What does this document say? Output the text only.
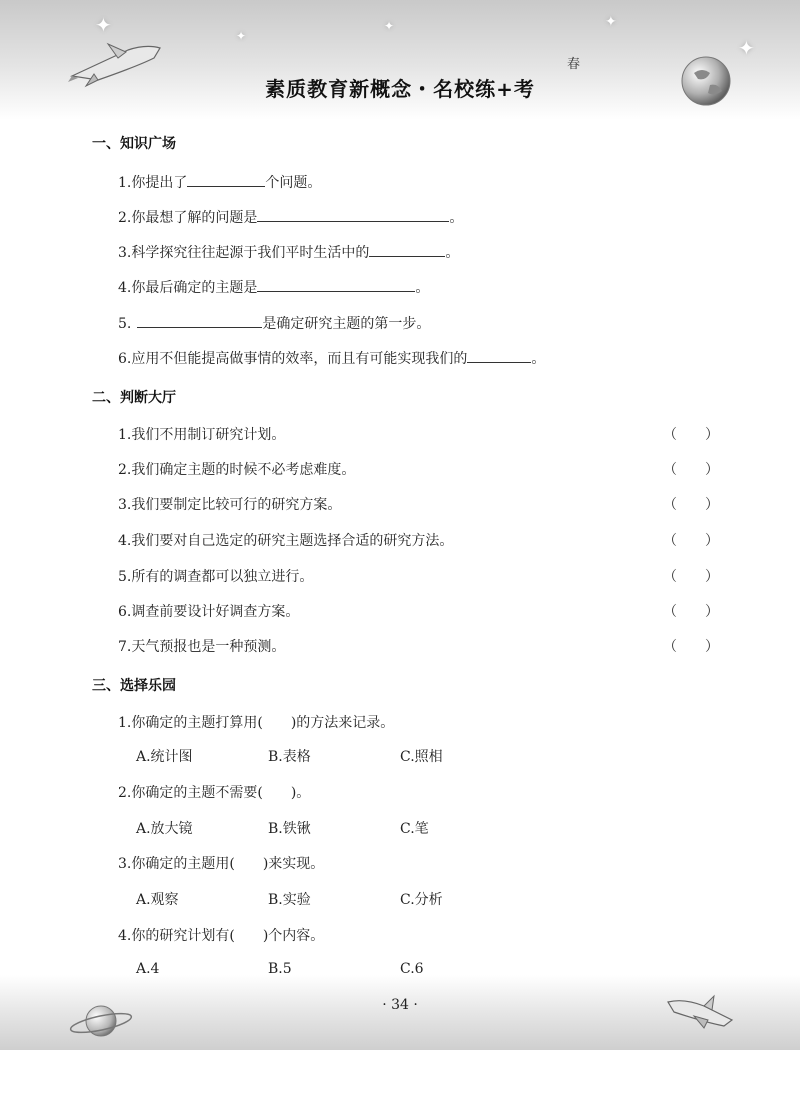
✦	✦
✦	✦
✦
春
素质教育新概念・名校练+考
一、知识广场
1.你提出了	个问题。
2.你最想了解的问题是	。
3.科学探究往往起源于我们平时生活中的	。
4.你最后确定的主题是	。
5.	是确定研究主题的第一步。
6.应用不但能提高做事情的效率，而且有可能实现我们的	。
二、判断大厅
1.我们不用制订研究计划。	（　　）
2.我们确定主题的时候不必考虑难度。	（　　）
3.我们要制定比较可行的研究方案。	（　　）
4.我们要对自己选定的研究主题选择合适的研究方法。	（　　）
5.所有的调查都可以独立进行。	（　　）
6.调查前要设计好调查方案。	（　　）
7.天气预报也是一种预测。	（　　）
三、选择乐园
1.你确定的主题打算用(　　)的方法来记录。
A.统计图	B.表格	C.照相
2.你确定的主题不需要(　　)。
A.放大镜	B.铁锹	C.笔
3.你确定的主题用(　　)来实现。
A.观察	B.实验	C.分析
4.你的研究计划有(　　)个内容。
A.4	B.5	C.6
· 34 ·
